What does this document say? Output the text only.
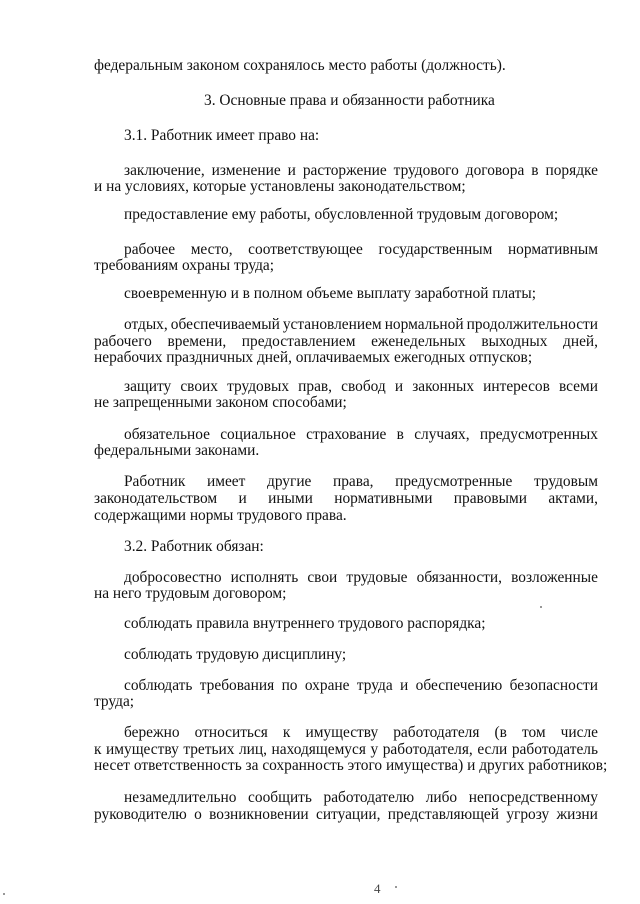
федеральным законом сохранялось место работы (должность).
3. Основные права и обязанности работника
3.1. Работник имеет право на:
заключение, изменение и расторжение трудового договора в порядке
и на условиях, которые установлены законодательством;
предоставление ему работы, обусловленной трудовым договором;
рабочее место, соответствующее государственным нормативным
требованиям охраны труда;
своевременную и в полном объеме выплату заработной платы;
отдых, обеспечиваемый установлением нормальной продолжительности
рабочего времени, предоставлением еженедельных выходных дней,
нерабочих праздничных дней, оплачиваемых ежегодных отпусков;
защиту своих трудовых прав, свобод и законных интересов всеми
не запрещенными законом способами;
обязательное социальное страхование в случаях, предусмотренных
федеральными законами.
Работник имеет другие права, предусмотренные трудовым
законодательством и иными нормативными правовыми актами,
содержащими нормы трудового права.
3.2. Работник обязан:
добросовестно исполнять свои трудовые обязанности, возложенные
на него трудовым договором;
соблюдать правила внутреннего трудового распорядка;
соблюдать трудовую дисциплину;
соблюдать требования по охране труда и обеспечению безопасности
труда;
бережно относиться к имуществу работодателя (в том числе
к имуществу третьих лиц, находящемуся у работодателя, если работодатель
несет ответственность за сохранность этого имущества) и других работников;
незамедлительно сообщить работодателю либо непосредственному
руководителю о возникновении ситуации, представляющей угрозу жизни
4
